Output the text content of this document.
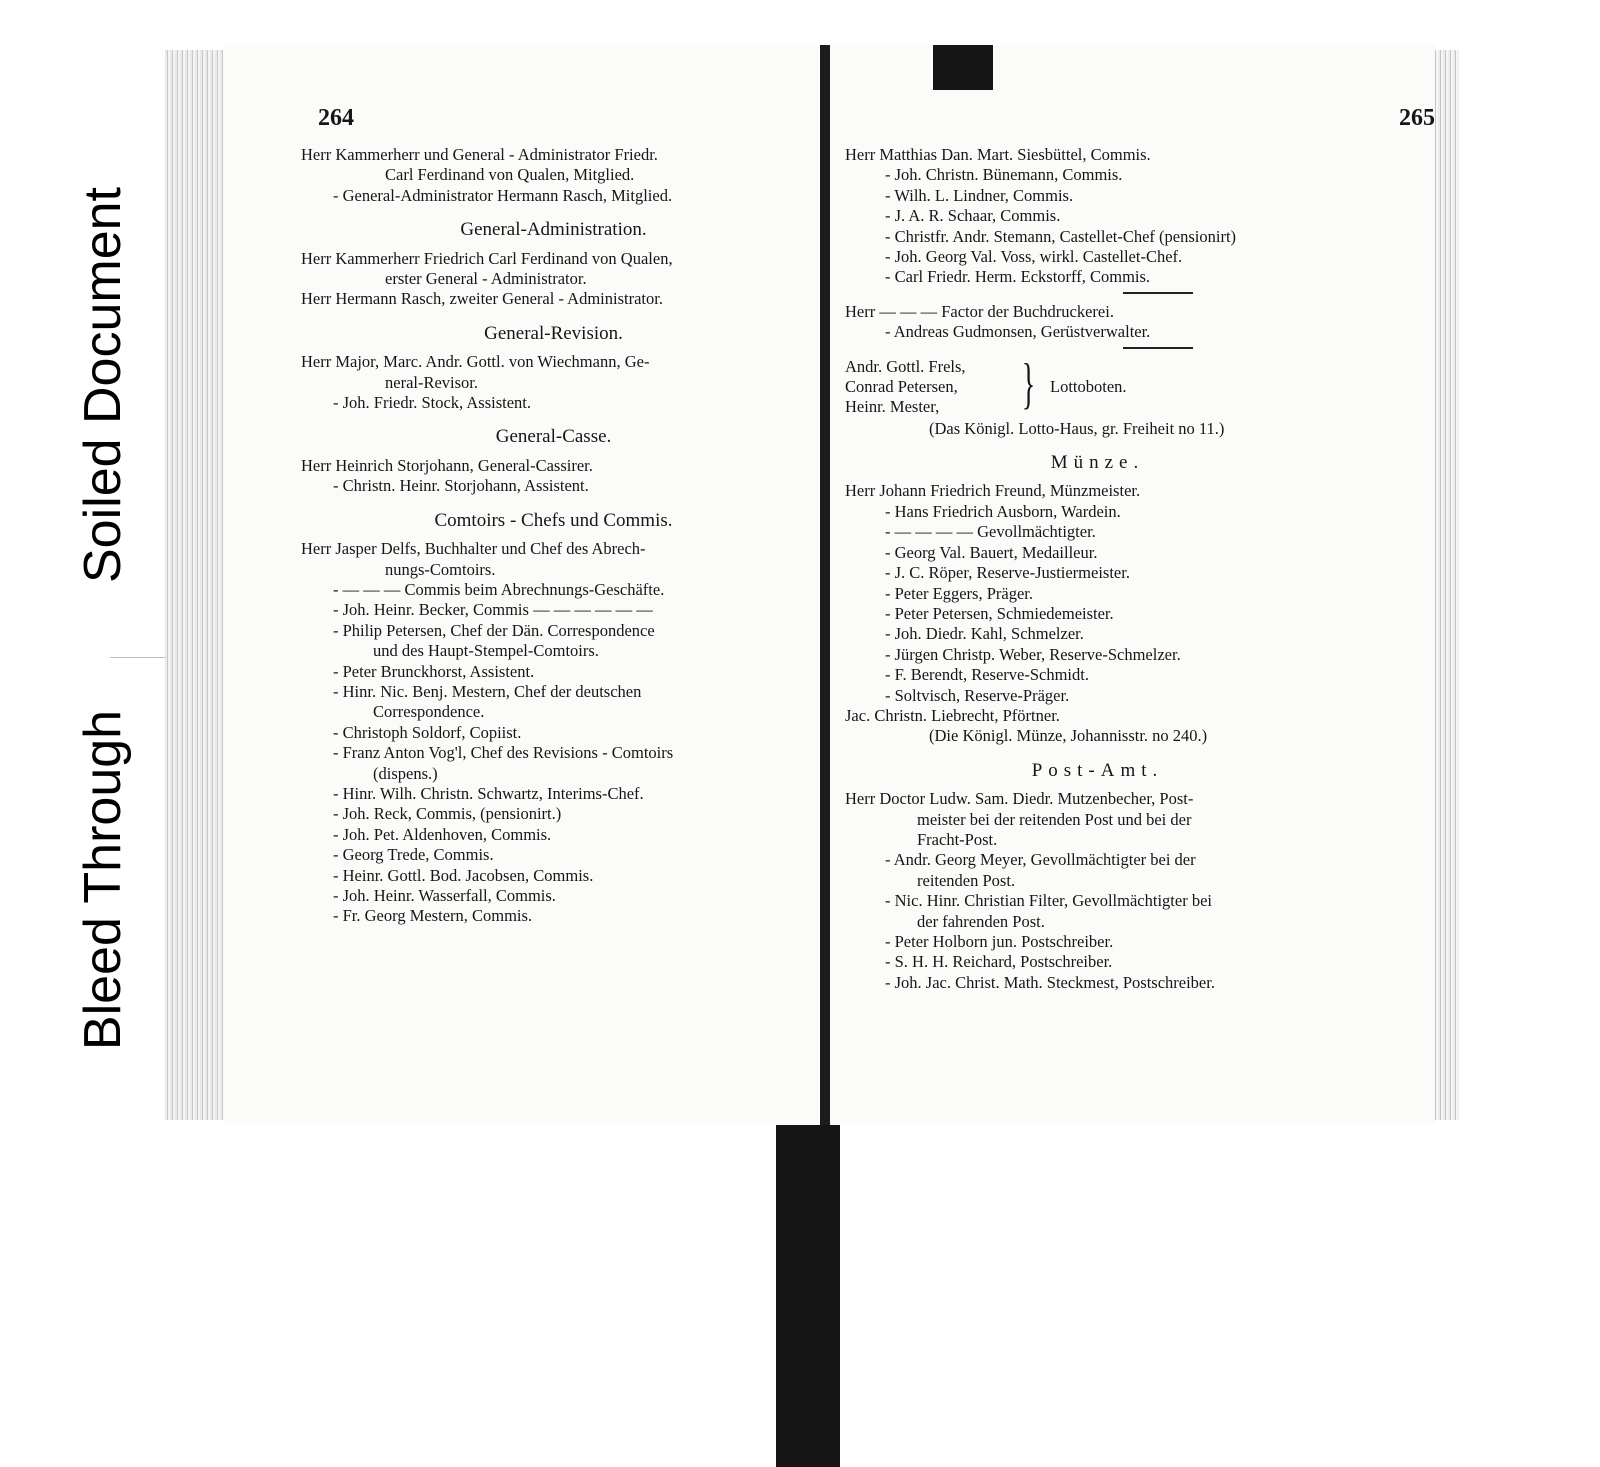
Soiled Document
Bleed Through
264
Herr Kammerherr und General - Administrator Friedr.
Carl Ferdinand von Qualen, Mitglied.
- General-Administrator Hermann Rasch, Mitglied.
General-Administration.
Herr Kammerherr Friedrich Carl Ferdinand von Qualen,
erster General - Administrator.
Herr Hermann Rasch, zweiter General - Administrator.
General-Revision.
Herr Major, Marc. Andr. Gottl. von Wiechmann, Ge-
neral-Revisor.
- Joh. Friedr. Stock, Assistent.
General-Casse.
Herr Heinrich Storjohann, General-Cassirer.
- Christn. Heinr. Storjohann, Assistent.
Comtoirs - Chefs und Commis.
Herr Jasper Delfs, Buchhalter und Chef des Abrech-
nungs-Comtoirs.
- — — — Commis beim Abrechnungs-Geschäfte.
- Joh. Heinr. Becker, Commis — — — — — —
- Philip Petersen, Chef der Dän. Correspondence
und des Haupt-Stempel-Comtoirs.
- Peter Brunckhorst, Assistent.
- Hinr. Nic. Benj. Mestern, Chef der deutschen
Correspondence.
- Christoph Soldorf, Copiist.
- Franz Anton Vog'l, Chef des Revisions - Comtoirs
(dispens.)
- Hinr. Wilh. Christn. Schwartz, Interims-Chef.
- Joh. Reck, Commis, (pensionirt.)
- Joh. Pet. Aldenhoven, Commis.
- Georg Trede, Commis.
- Heinr. Gottl. Bod. Jacobsen, Commis.
- Joh. Heinr. Wasserfall, Commis.
- Fr. Georg Mestern, Commis.
265
Herr Matthias Dan. Mart. Siesbüttel, Commis.
- Joh. Christn. Bünemann, Commis.
- Wilh. L. Lindner, Commis.
- J. A. R. Schaar, Commis.
- Christfr. Andr. Stemann, Castellet-Chef (pensionirt)
- Joh. Georg Val. Voss, wirkl. Castellet-Chef.
- Carl Friedr. Herm. Eckstorff, Commis.
Herr — — — Factor der Buchdruckerei.
- Andreas Gudmonsen, Gerüstverwalter.
Andr. Gottl. Frels,
Conrad Petersen,
Heinr. Mester,	} Lottoboten.
(Das Königl. Lotto-Haus, gr. Freiheit no 11.)
Münze.
Herr Johann Friedrich Freund, Münzmeister.
- Hans Friedrich Ausborn, Wardein.
- — — — — Gevollmächtigter.
- Georg Val. Bauert, Medailleur.
- J. C. Röper, Reserve-Justiermeister.
- Peter Eggers, Präger.
- Peter Petersen, Schmiedemeister.
- Joh. Diedr. Kahl, Schmelzer.
- Jürgen Christp. Weber, Reserve-Schmelzer.
- F. Berendt, Reserve-Schmidt.
- Soltvisch, Reserve-Präger.
Jac. Christn. Liebrecht, Pförtner.
(Die Königl. Münze, Johannisstr. no 240.)
Post-Amt.
Herr Doctor Ludw. Sam. Diedr. Mutzenbecher, Post-
meister bei der reitenden Post und bei der
Fracht-Post.
- Andr. Georg Meyer, Gevollmächtigter bei der
reitenden Post.
- Nic. Hinr. Christian Filter, Gevollmächtigter bei
der fahrenden Post.
- Peter Holborn jun. Postschreiber.
- S. H. H. Reichard, Postschreiber.
- Joh. Jac. Christ. Math. Steckmest, Postschreiber.
